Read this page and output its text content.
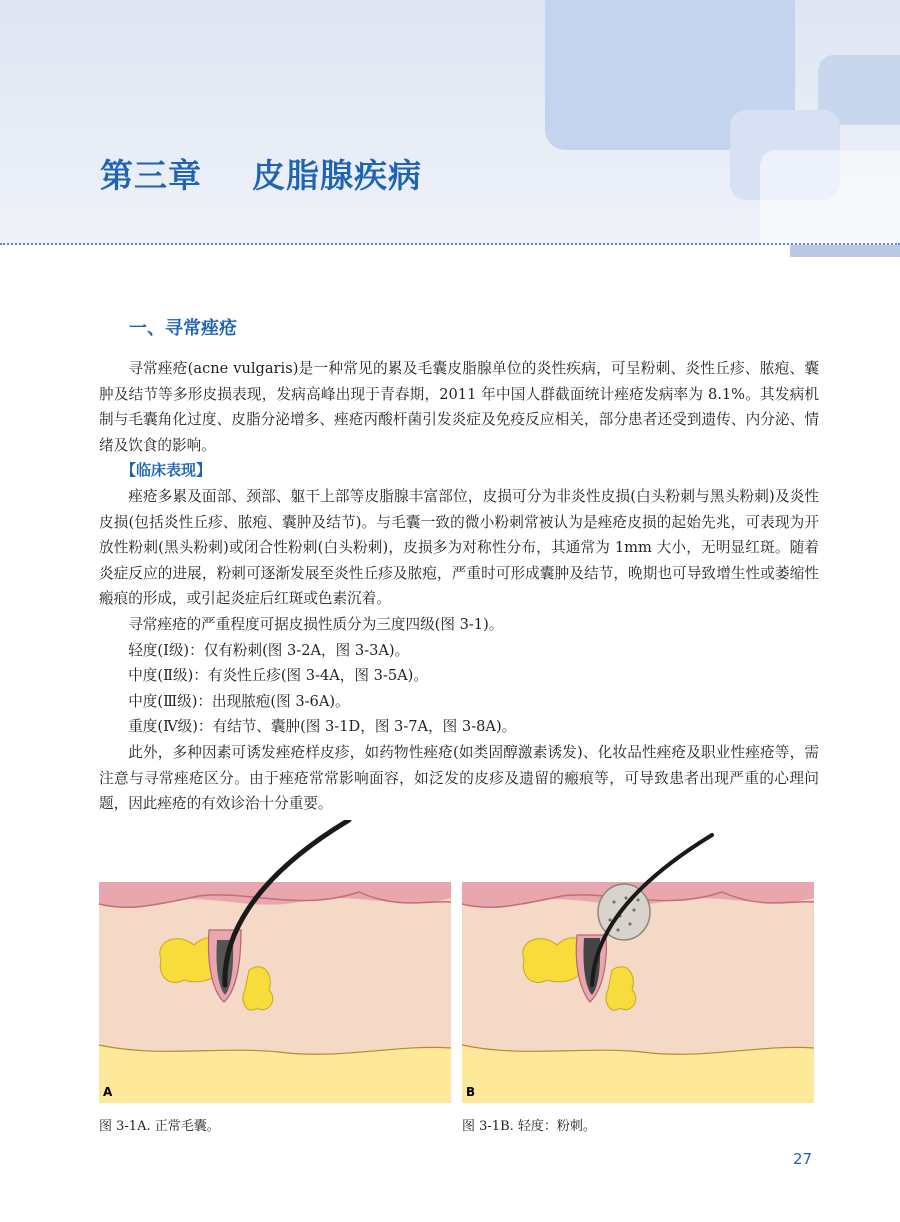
第三章    皮脂腺疾病
一、寻常痤疮

寻常痤疮(acne vulgaris)是一种常见的累及毛囊皮脂腺单位的炎性疾病，可呈粉刺、炎性丘疹、脓疱、囊肿及结节等多形皮损表现，发病高峰出现于青春期，2011 年中国人群截面统计痤疮发病率为 8.1%。其发病机制与毛囊角化过度、皮脂分泌增多、痤疮丙酸杆菌引发炎症及免疫反应相关，部分患者还受到遗传、内分泌、情绪及饮食的影响。

【临床表现】

痤疮多累及面部、颈部、躯干上部等皮脂腺丰富部位，皮损可分为非炎性皮损(白头粉刺与黑头粉刺)及炎性皮损(包括炎性丘疹、脓疱、囊肿及结节)。与毛囊一致的微小粉刺常被认为是痤疮皮损的起始先兆，可表现为开放性粉刺(黑头粉刺)或闭合性粉刺(白头粉刺)，皮损多为对称性分布，其通常为 1mm 大小，无明显红斑。随着炎症反应的进展，粉刺可逐渐发展至炎性丘疹及脓疱，严重时可形成囊肿及结节，晚期也可导致增生性或萎缩性瘢痕的形成，或引起炎症后红斑或色素沉着。

寻常痤疮的严重程度可据皮损性质分为三度四级(图 3-1)。

轻度(Ⅰ级)：仅有粉刺(图 3-2A，图 3-3A)。

中度(Ⅱ级)：有炎性丘疹(图 3-4A，图 3-5A)。

中度(Ⅲ级)：出现脓疱(图 3-6A)。

重度(Ⅳ级)：有结节、囊肿(图 3-1D，图 3-7A，图 3-8A)。

此外，多种因素可诱发痤疮样皮疹，如药物性痤疮(如类固醇激素诱发)、化妆品性痤疮及职业性痤疮等，需注意与寻常痤疮区分。由于痤疮常常影响面容，如泛发的皮疹及遗留的瘢痕等，可导致患者出现严重的心理问题，因此痤疮的有效诊治十分重要。

A	B
图 3-1A. 正常毛囊。	图 3-1B. 轻度：粉刺。
27
